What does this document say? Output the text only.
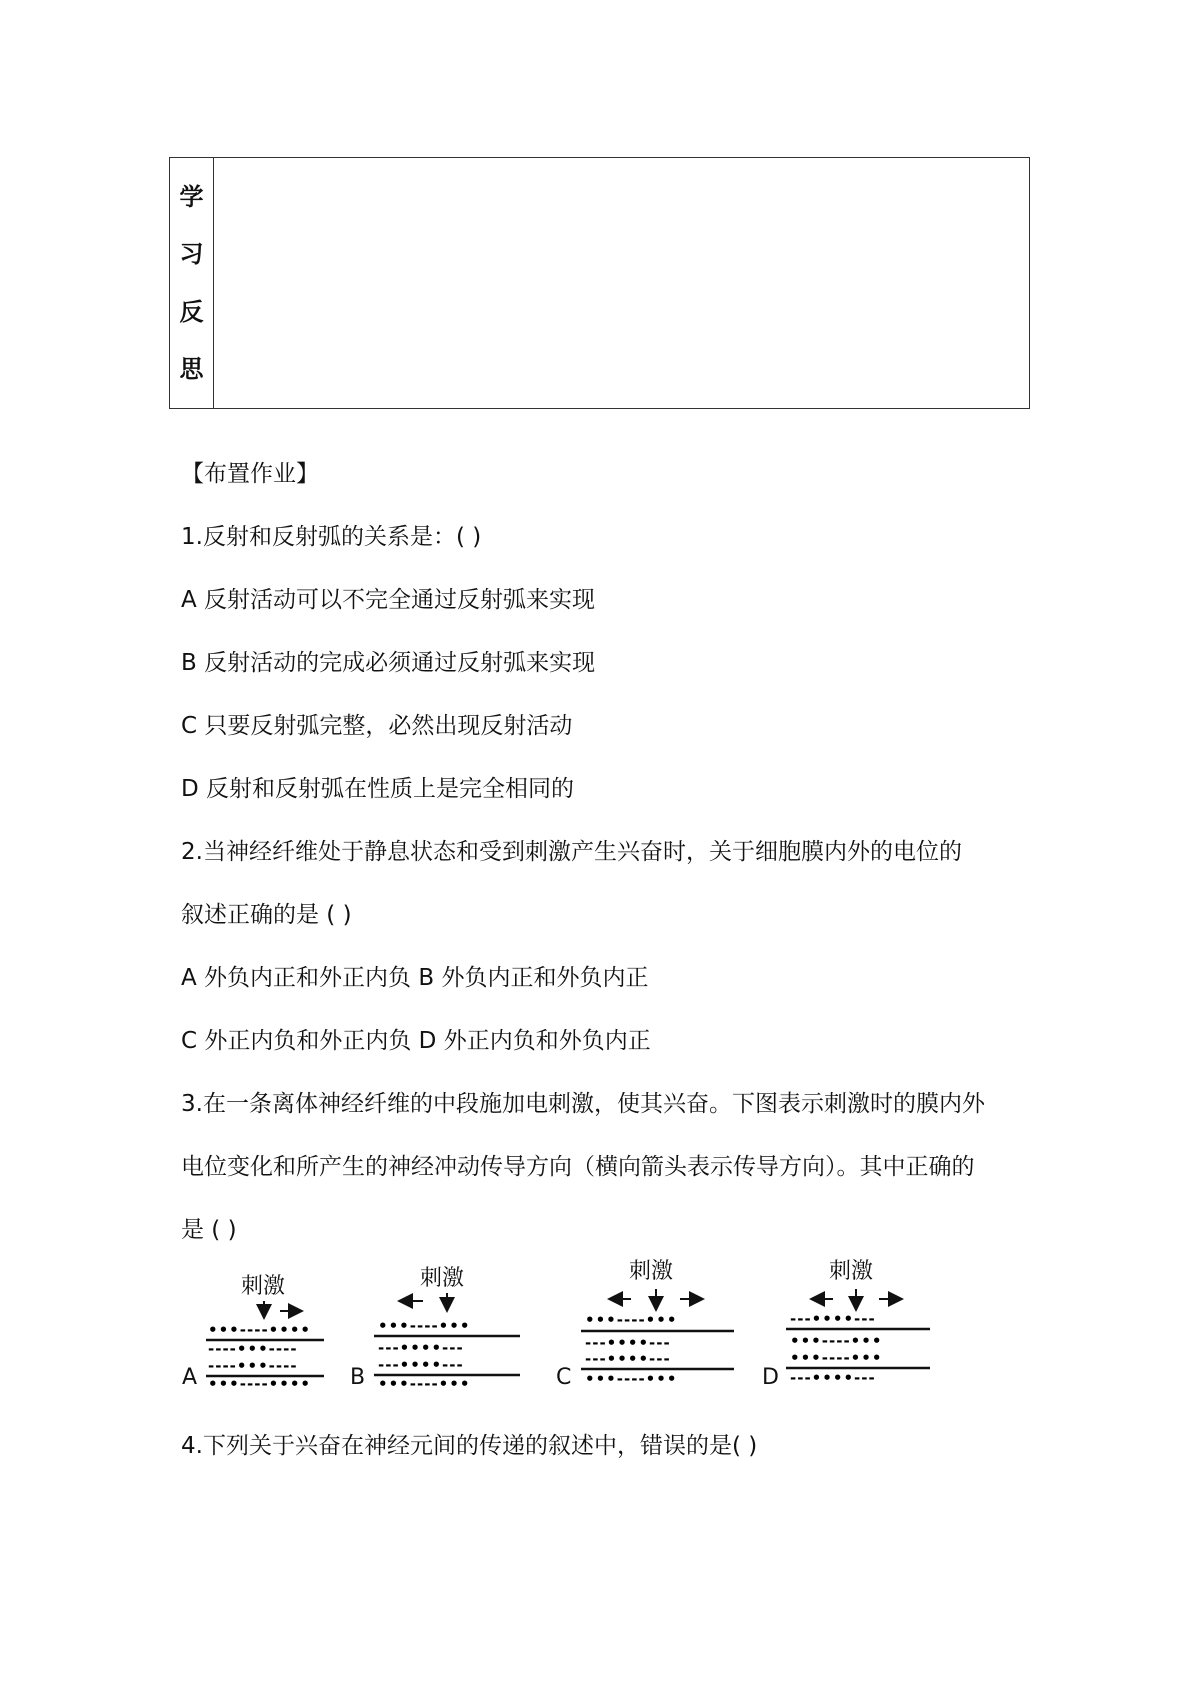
学
习
反
思
【布置作业】
1.反射和反射弧的关系是：( )
A 反射活动可以不完全通过反射弧来实现
B 反射活动的完成必须通过反射弧来实现
C 只要反射弧完整，必然出现反射活动
D 反射和反射弧在性质上是完全相同的
2.当神经纤维处于静息状态和受到刺激产生兴奋时，关于细胞膜内外的电位的
叙述正确的是 ( )
A 外负内正和外正内负 B 外负内正和外负内正
C 外正内负和外正内负 D 外正内负和外负内正
3.在一条离体神经纤维的中段施加电刺激，使其兴奋。下图表示刺激时的膜内外
电位变化和所产生的神经冲动传导方向（横向箭头表示传导方向）。其中正确的
是 ( )
刺激	刺激	刺激	刺激
A	B	C	D
•••----••••
----•••----
----•••----
•••----••••
•••----•••
---••••---
---••••---
•••----•••
•••----•••
---••••---
---••••---
•••----•••
---••••---
•••----•••
•••----•••
---••••---
4.下列关于兴奋在神经元间的传递的叙述中，错误的是( )
